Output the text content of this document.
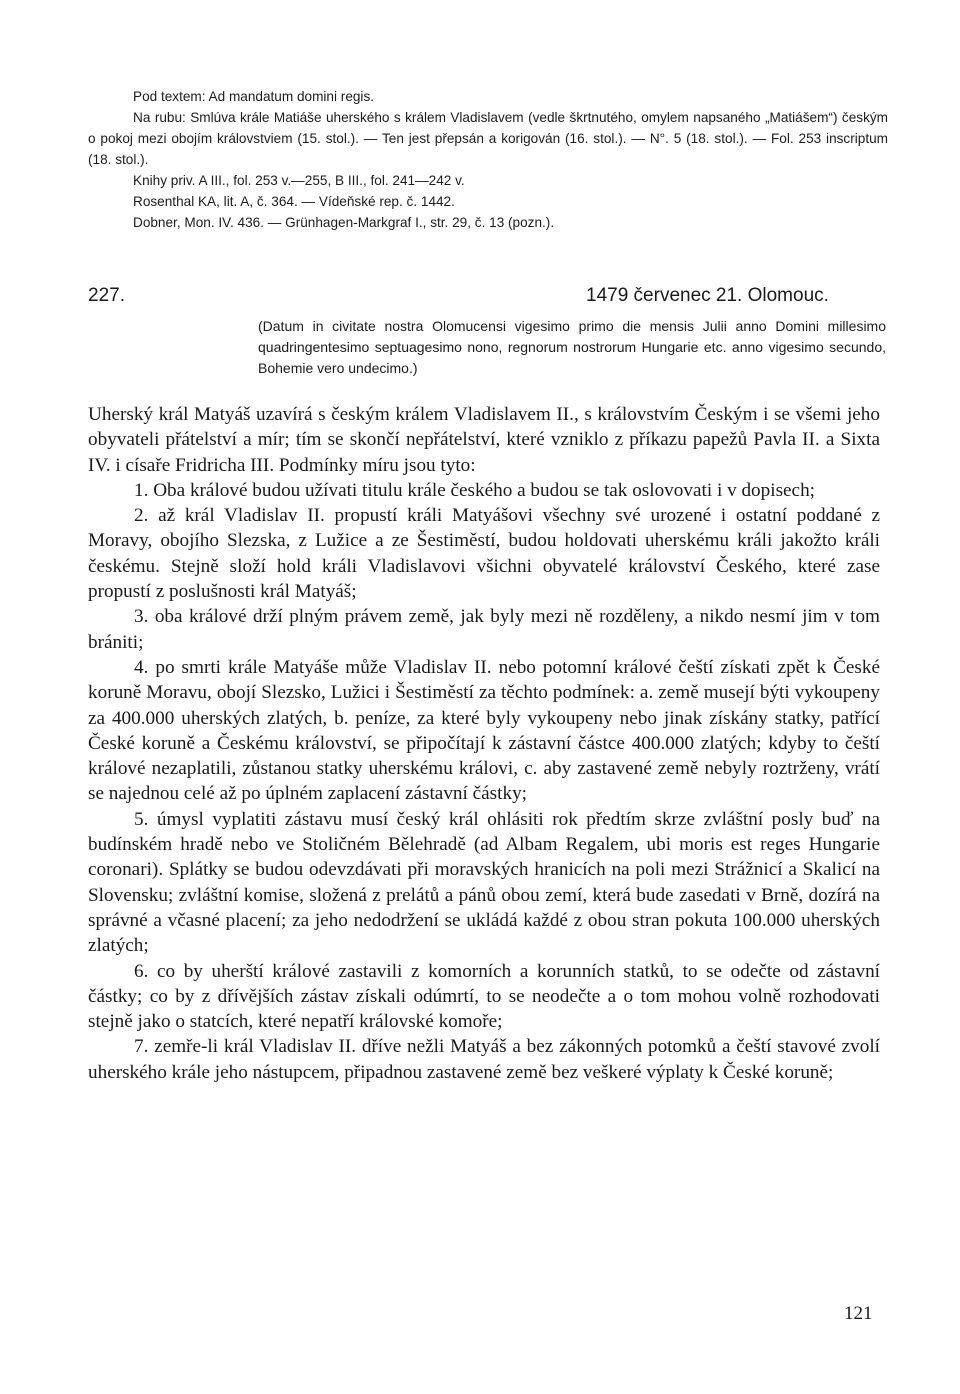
Pod textem: Ad mandatum domini regis.

Na rubu: Smlúva krále Matiáše uherského s králem Vladislavem (vedle škrtnutého, omylem napsaného „Matiášem“) českým o pokoj mezi obojím královstviem (15. stol.). — Ten jest přepsán a korigován (16. stol.). — N°. 5 (18. stol.). — Fol. 253 inscriptum (18. stol.).

Knihy priv. A III., fol. 253 v.—255, B III., fol. 241—242 v.
Rosenthal KA, lit. A, č. 364. — Vídeňské rep. č. 1442.
Dobner, Mon. IV. 436. — Grünhagen-Markgraf I., str. 29, č. 13 (pozn.).
227.	1479 červenec 21. Olomouc.

(Datum in civitate nostra Olomucensi vigesimo primo die mensis Julii anno Domini millesimo quadringentesimo septuagesimo nono, regnorum nostrorum Hungarie etc. anno vigesimo secundo, Bohemie vero undecimo.)

Uherský král Matyáš uzavírá s českým králem Vladislavem II., s královstvím Českým i se všemi jeho obyvateli přátelství a mír; tím se skončí nepřátelství, které vzniklo z příkazu papežů Pavla II. a Sixta IV. i císaře Fridricha III. Podmínky míru jsou tyto:

1. Oba králové budou užívati titulu krále českého a budou se tak oslovovati i v dopisech;

2. až král Vladislav II. propustí králi Matyášovi všechny své urozené i ostatní poddané z Moravy, obojího Slezska, z Lužice a ze Šestiměstí, budou holdovati uherskému králi jakožto králi českému. Stejně složí hold králi Vladislavovi všichni obyvatelé království Českého, které zase propustí z poslušnosti král Matyáš;

3. oba králové drží plným právem země, jak byly mezi ně rozděleny, a nikdo nesmí jim v tom brániti;

4. po smrti krále Matyáše může Vladislav II. nebo potomní králové čeští získati zpět k České koruně Moravu, obojí Slezsko, Lužici i Šestiměstí za těchto podmínek: a. země musejí býti vykoupeny za 400.000 uherských zlatých, b. peníze, za které byly vykoupeny nebo jinak získány statky, patřící České koruně a Českému království, se připočítají k zástavní částce 400.000 zlatých; kdyby to čeští králové nezaplatili, zůstanou statky uherskému královi, c. aby zastavené země nebyly roztrženy, vrátí se najednou celé až po úplném zaplacení zástavní částky;

5. úmysl vyplatiti zástavu musí český král ohlásiti rok předtím skrze zvláštní posly buď na budínském hradě nebo ve Stoličném Bělehradě (ad Albam Regalem, ubi moris est reges Hungarie coronari). Splátky se budou odevzdávati při moravských hranicích na poli mezi Strážnicí a Skalicí na Slovensku; zvláštní komise, složená z prelátů a pánů obou zemí, která bude zasedati v Brně, dozírá na správné a včasné placení; za jeho nedodržení se ukládá každé z obou stran pokuta 100.000 uherských zlatých;

6. co by uherští králové zastavili z komorních a korunních statků, to se odečte od zástavní částky; co by z dřívějších zástav získali odúmrtí, to se neodečte a o tom mohou volně rozhodovati stejně jako o statcích, které nepatří královské komoře;

7. zemře-li král Vladislav II. dříve nežli Matyáš a bez zákonných potomků a čeští stavové zvolí uherského krále jeho nástupcem, připadnou zastavené země bez veškeré výplaty k České koruně;

121
